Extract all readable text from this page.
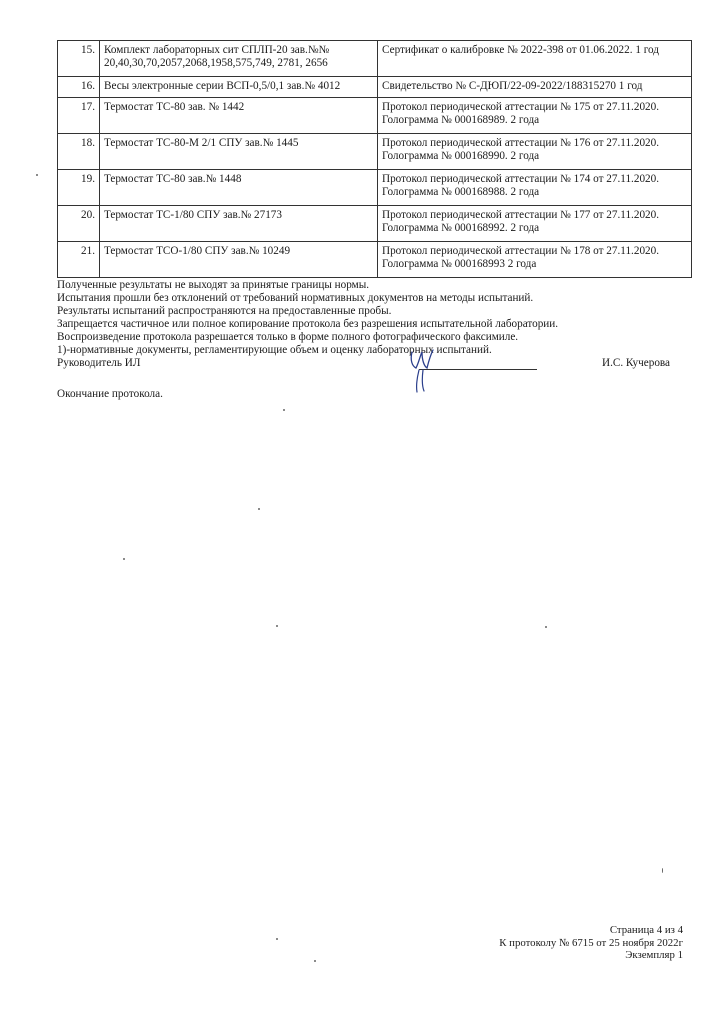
15.	Комплект лабораторных сит СПЛП-20 зав.№№ 20,40,30,70,2057,2068,1958,575,749, 2781, 2656	Сертификат о калибровке № 2022-398 от 01.06.2022. 1 год
16.	Весы электронные серии ВСП-0,5/0,1 зав.№ 4012	Свидетельство № С-ДЮП/22-09-2022/188315270 1 год
17.	Термостат ТС-80 зав. № 1442	Протокол периодической аттестации № 175 от 27.11.2020. Голограмма № 000168989. 2 года
18.	Термостат ТС-80-М 2/1 СПУ зав.№ 1445	Протокол периодической аттестации № 176 от 27.11.2020. Голограмма № 000168990. 2 года
19.	Термостат ТС-80 зав.№ 1448	Протокол периодической аттестации № 174 от 27.11.2020. Голограмма № 000168988. 2 года
20.	Термостат ТС-1/80 СПУ зав.№ 27173	Протокол периодической аттестации № 177 от 27.11.2020. Голограмма № 000168992. 2 года
21.	Термостат ТСО-1/80 СПУ зав.№ 10249	Протокол периодической аттестации № 178 от 27.11.2020. Голограмма № 000168993 2 года
Полученные результаты не выходят за принятые границы нормы.
Испытания прошли без отклонений от требований нормативных документов на методы испытаний.
Результаты испытаний распространяются на предоставленные пробы.
Запрещается частичное или полное копирование протокола без разрешения испытательной лаборатории.
Воспроизведение протокола разрешается только в форме полного фотографического факсимиле.
1)-нормативные документы, регламентирующие объем и оценку лабораторных испытаний.
Руководитель ИЛ	И.С. Кучерова
Окончание протокола.
Страница 4 из 4
К протоколу № 6715 от 25 ноября 2022г
Экземпляр 1
